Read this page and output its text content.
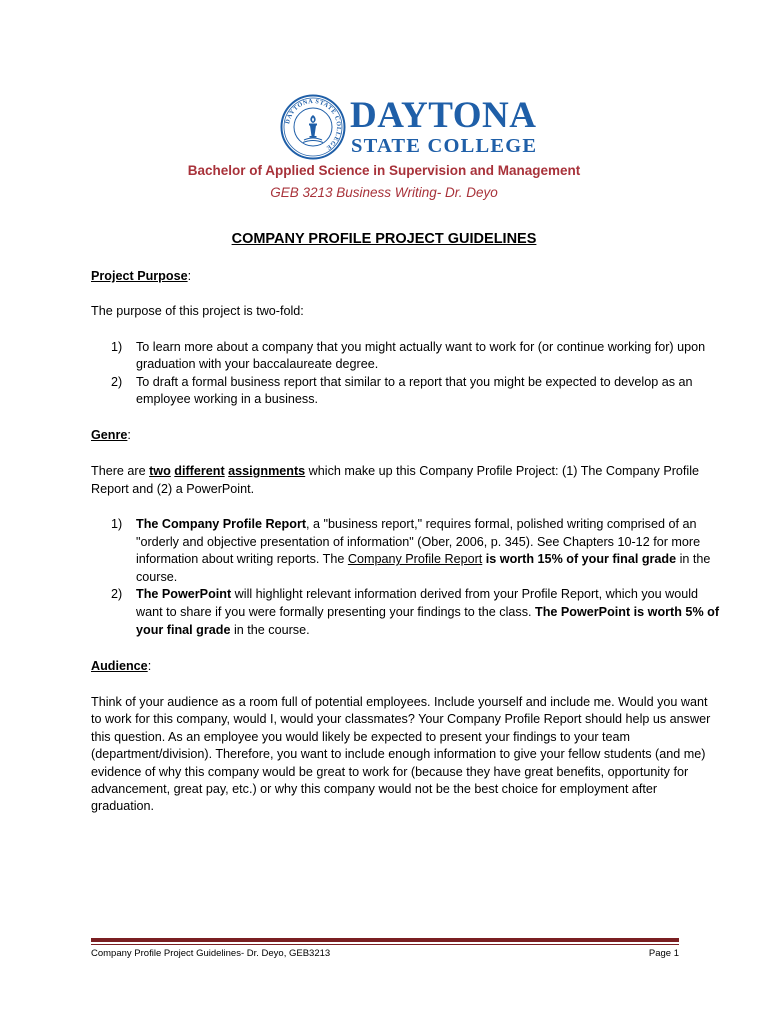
DAYTONA STATE COLLEGE
DAYTONA
STATE COLLEGE
Bachelor of Applied Science in Supervision and Management
GEB 3213 Business Writing- Dr. Deyo
COMPANY PROFILE PROJECT GUIDELINES
Project Purpose:
The purpose of this project is two-fold:
1) To learn more about a company that you might actually want to work for (or continue working for) upon
graduation with your baccalaureate degree.
2) To draft a formal business report that similar to a report that you might be expected to develop as an
employee working in a business.
Genre:
There are two different assignments which make up this Company Profile Project: (1) The Company Profile
Report and (2) a PowerPoint.
1) The Company Profile Report, a "business report," requires formal, polished writing comprised of an
"orderly and objective presentation of information" (Ober, 2006, p. 345). See Chapters 10-12 for more
information about writing reports. The Company Profile Report is worth 15% of your final grade in the
course.
2) The PowerPoint will highlight relevant information derived from your Profile Report, which you would
want to share if you were formally presenting your findings to the class. The PowerPoint is worth 5% of
your final grade in the course.
Audience:
Think of your audience as a room full of potential employees. Include yourself and include me. Would you want to work for this company, would I, would your classmates? Your Company Profile Report should help us answer this question. As an employee you would likely be expected to present your findings to your team (department/division). Therefore, you want to include enough information to give your fellow students (and me) evidence of why this company would be great to work for (because they have great benefits, opportunity for advancement, great pay, etc.) or why this company would not be the best choice for employment after graduation.
Company Profile Project Guidelines- Dr. Deyo, GEB3213	Page 1
